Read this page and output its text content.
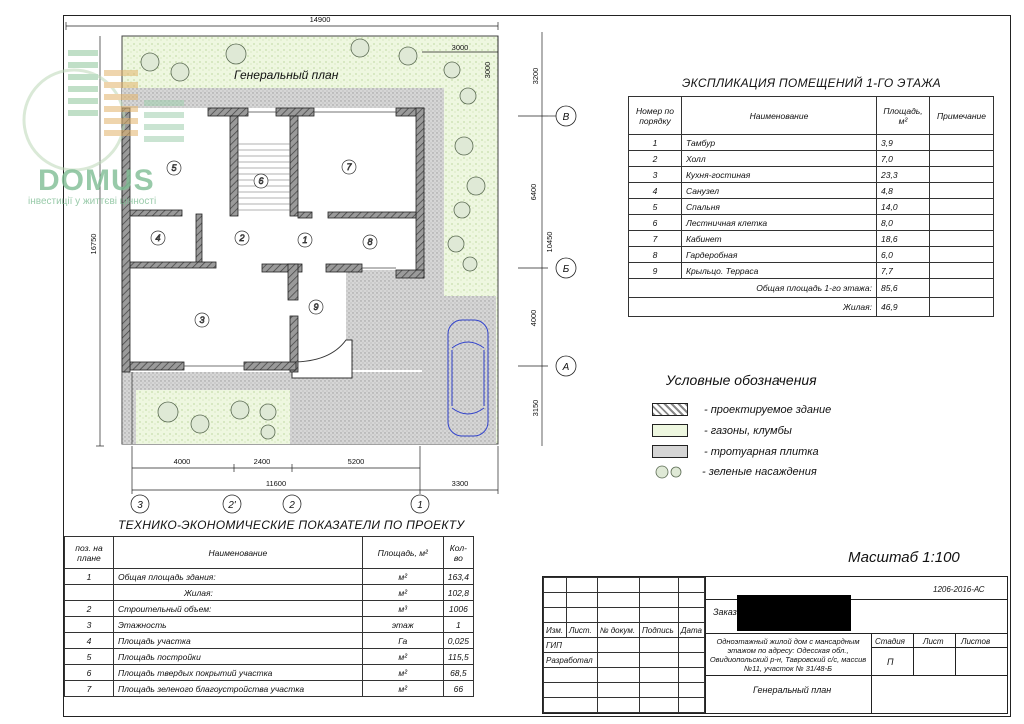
1
2
3
4
5
6
7
8
9
В
Б
А
3	2'	2	1
14900
3000
4000	2400	5200
11600	3300
3200
6400
10450
4000
3150
16750
3000
Генеральный план
DOMUS
інвестиції у життєві цінності
ЭКСПЛИКАЦИЯ ПОМЕЩЕНИЙ 1-ГО ЭТАЖА
Номер по порядку	Наименование	Площадь, м²	Примечание
1	Тамбур	3,9	
2	Холл	7,0	
3	Кухня-гостиная	23,3	
4	Санузел	4,8	
5	Спальня	14,0	
6	Лестничная клетка	8,0	
7	Кабинет	18,6	
8	Гардеробная	6,0	
9	Крыльцо. Терраса	7,7	
Общая площадь 1-го этажа:		85,6	
Жилая:		46,9	
Условные обозначения
- проектируемое здание
- газоны, клумбы
- тротуарная плитка
- зеленые насаждения
ТЕХНИКО-ЭКОНОМИЧЕСКИЕ ПОКАЗАТЕЛИ ПО ПРОЕКТУ
поз. на плане	Наименование	Площадь, м²	Кол-во
1	Общая площадь здания:	м²	163,4
	Жилая:	м²	102,8
2	Строительный объем:	м³	1006
3	Этажность	этаж	1
4	Площадь участка	Га	0,025
5	Площадь постройки	м²	115,5
6	Площадь твердых покрытий участка	м²	68,5
7	Площадь зеленого благоустройства участка	м²	66
Масштаб 1:100

Изм.	Лист.	№ докум.	Подпись	Дата
ГИП				
Разработал				

1206-2016-АС
Заказ
Одноэтажный жилой дом с мансардным этажом по адресу: Одесская обл., Овидиопольский р-н, Тавровский с/с, массив №11, участок № 31/48-Б
Стадия Лист Листов
П
Генеральный план
